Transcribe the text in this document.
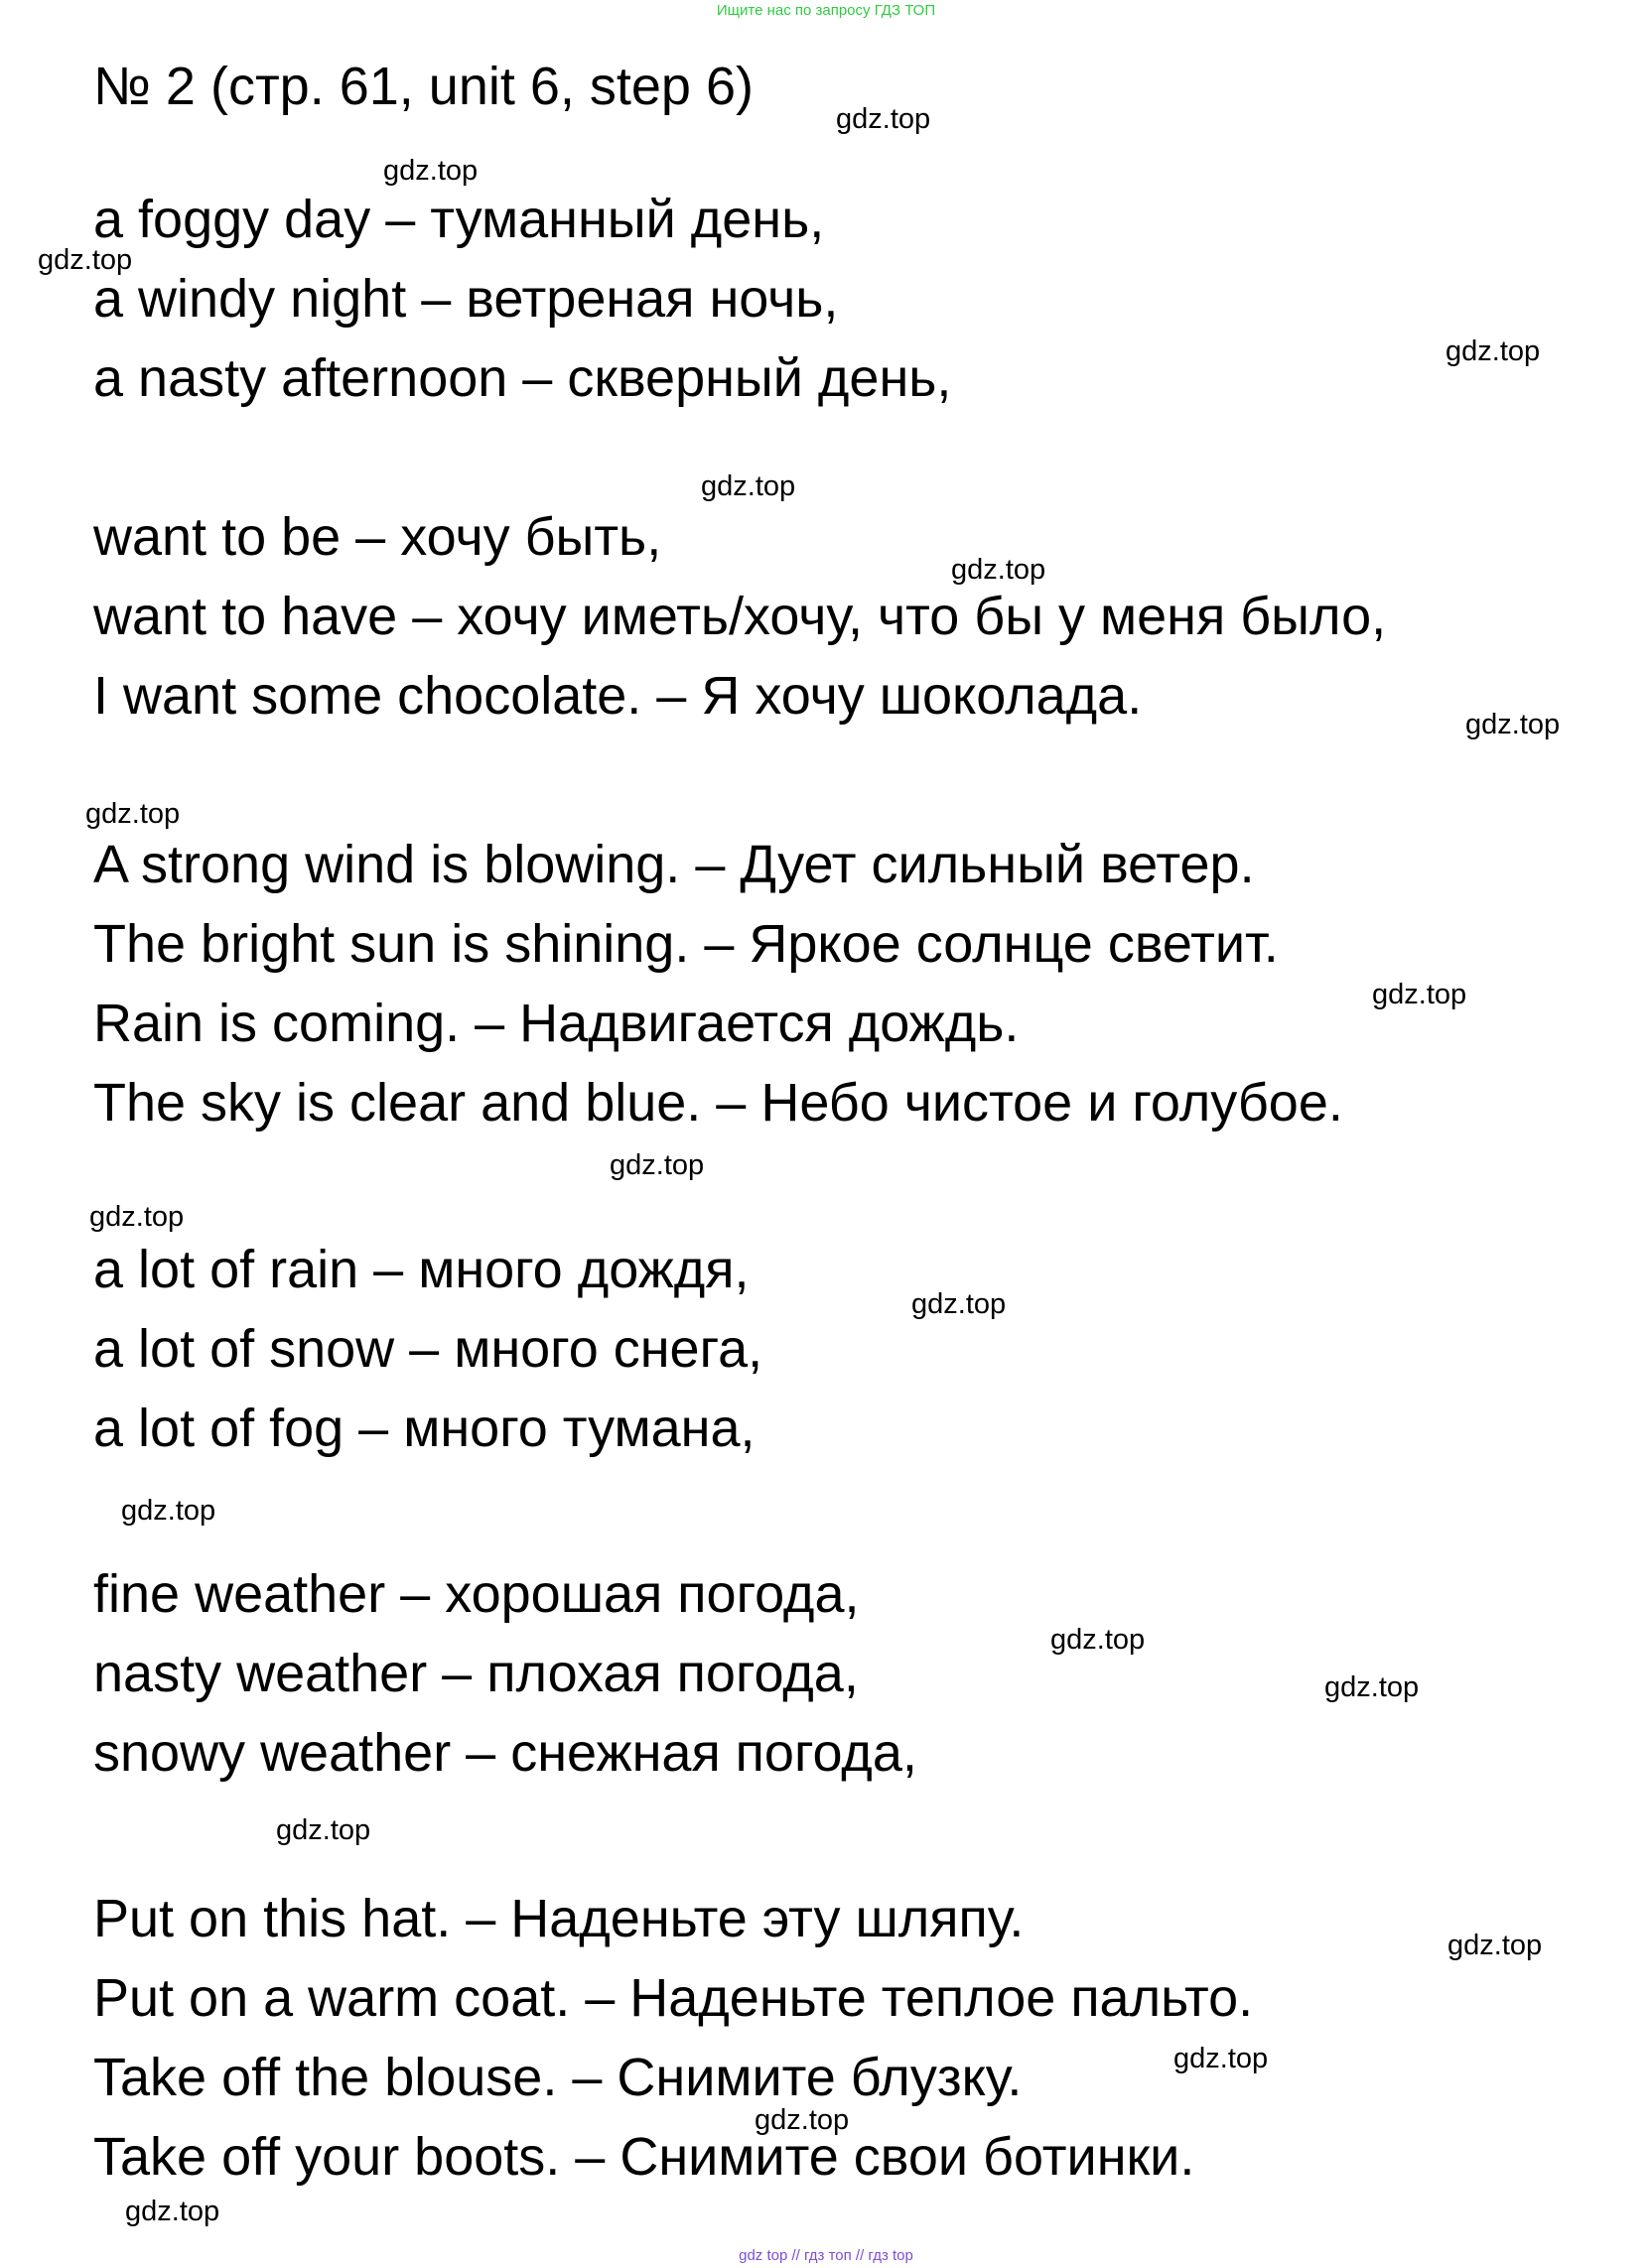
Ищите нас по запросу ГДЗ ТОП
№ 2 (стр. 61, unit 6, step 6)
a foggy day – туманный день,
a windy night – ветреная ночь,
a nasty afternoon – скверный день,
want to be – хочу быть,
want to have – хочу иметь/хочу, что бы у меня было,
I want some chocolate. – Я хочу шоколада.
A strong wind is blowing. – Дует сильный ветер.
The bright sun is shining. – Яркое солнце светит.
Rain is coming. – Надвигается дождь.
The sky is clear and blue. – Небо чистое и голубое.
a lot of rain – много дождя,
a lot of snow – много снега,
a lot of fog – много тумана,
fine weather – хорошая погода,
nasty weather – плохая погода,
snowy weather – снежная погода,
Put on this hat. – Наденьте эту шляпу.
Put on a warm coat. – Наденьте теплое пальто.
Take off the blouse. – Снимите блузку.
Take off your boots. – Снимите свои ботинки.
gdz.top
gdz.top
gdz.top
gdz.top
gdz.top
gdz.top
gdz.top
gdz.top
gdz.top
gdz.top
gdz.top
gdz.top
gdz.top
gdz.top
gdz.top
gdz.top
gdz.top
gdz.top
gdz.top
gdz.top
gdz top // гдз топ // гдз top
